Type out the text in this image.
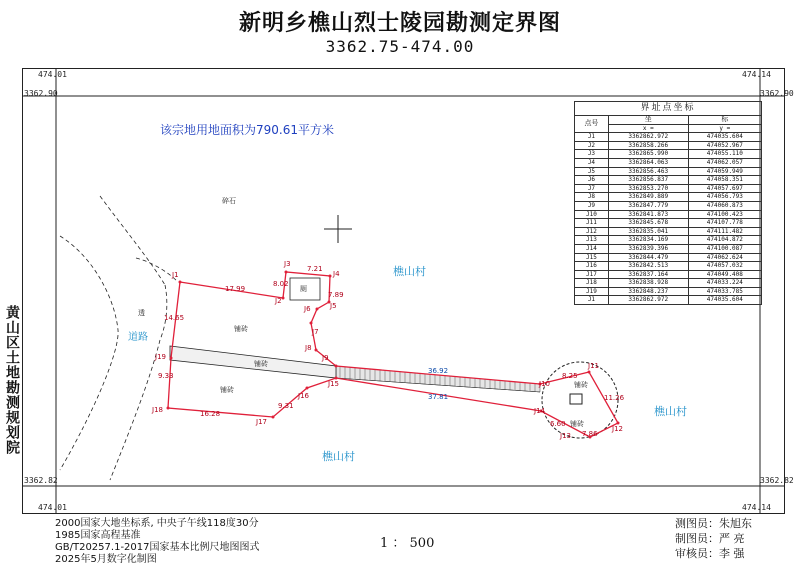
新明乡樵山烈士陵园勘测定界图
3362.75-474.00
474.01	474.14
3362.90	3362.90
3362.82	3362.82
474.01	474.14
黄山区土地勘测规划院
该宗地用地面积为790.61平方米
碎石
透
道路
厕
铺砖
铺砖
铺砖
铺砖
铺砖
樵山村
樵山村
樵山村
J1
J2
J3
J4
J5
J6
J7
J8
J9
J10
J11
J12
J13
J14
J15
J16
J17
J18
J19
17.99
8.02
7.21
7.89
14.65
36.92
37.81
9.33
16.28
9.31
8.25
11.26
7.86
6.60
界址点坐标		
点号	坐	标
	x =	y =
J1	3362862.972	474035.604
J2	3362858.266	474052.967
J3	3362865.990	474055.110
J4	3362864.063	474062.057
J5	3362856.463	474059.949
J6	3362856.837	474058.351
J7	3362853.270	474057.697
J8	3362849.889	474056.793
J9	3362847.779	474060.873
J10	3362841.873	474100.423
J11	3362845.678	474107.778
J12	3362835.041	474111.482
J13	3362834.169	474104.872
J14	3362839.396	474100.087
J15	3362844.479	474062.624
J16	3362842.513	474057.032
J17	3362837.164	474049.408
J18	3362838.928	474033.224
J19	3362848.237	474033.785
J1	3362862.972	474035.604
2000国家大地坐标系, 中央子午线118度30分
1985国家高程基准
GB/T20257.1-2017国家基本比例尺地图图式
2025年5月数字化制图
1 ： 500
测图员：朱旭东
制图员：严 亮
审核员：李 强
